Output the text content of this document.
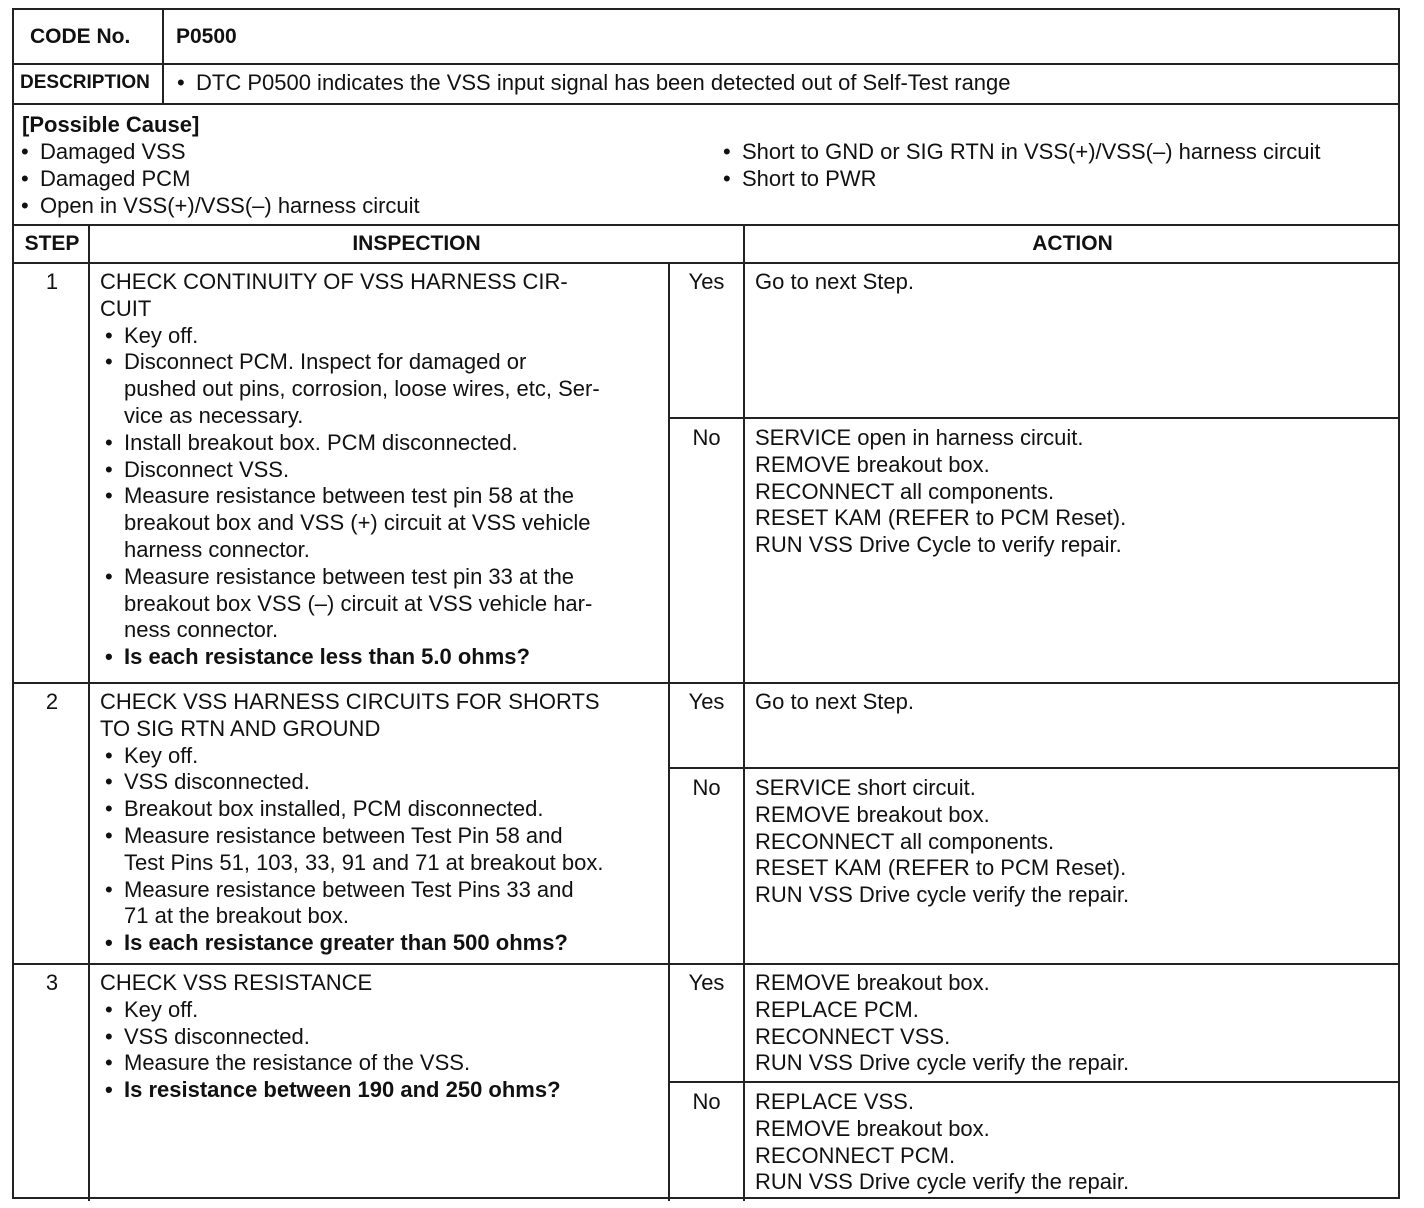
CODE No. P0500
DESCRIPTION
•	DTC P0500 indicates the VSS input signal has been detected out of Self-Test range
[Possible Cause]
• Damaged VSS
• Damaged PCM
• Open in VSS(+)/VSS(–) harness circuit
• Short to GND or SIG RTN in VSS(+)/VSS(–) harness circuit
• Short to PWR
STEP	INSPECTION	ACTION
1	CHECK CONTINUITY OF VSS HARNESS CIR-
CUIT
• Key off.
• Disconnect PCM. Inspect for damaged or
pushed out pins, corrosion, loose wires, etc, Ser-
vice as necessary.
• Install breakout box. PCM disconnected.
• Disconnect VSS.
• Measure resistance between test pin 58 at the
breakout box and VSS (+) circuit at VSS vehicle
harness connector.
• Measure resistance between test pin 33 at the
breakout box VSS (–) circuit at VSS vehicle har-
ness connector.
• Is each resistance less than 5.0 ohms?
Yes
No
Go to next Step.
SERVICE open in harness circuit.
REMOVE breakout box.
RECONNECT all components.
RESET KAM (REFER to PCM Reset).
RUN VSS Drive Cycle to verify repair.
2	CHECK VSS HARNESS CIRCUITS FOR SHORTS
TO SIG RTN AND GROUND
• Key off.
• VSS disconnected.
• Breakout box installed, PCM disconnected.
• Measure resistance between Test Pin 58 and
Test Pins 51, 103, 33, 91 and 71 at breakout box.
• Measure resistance between Test Pins 33 and
71 at the breakout box.
• Is each resistance greater than 500 ohms?
Yes
No
Go to next Step.
SERVICE short circuit.
REMOVE breakout box.
RECONNECT all components.
RESET KAM (REFER to PCM Reset).
RUN VSS Drive cycle verify the repair.
3	CHECK VSS RESISTANCE
• Key off.
• VSS disconnected.
• Measure the resistance of the VSS.
• Is resistance between 190 and 250 ohms?
Yes
No
REMOVE breakout box.
REPLACE PCM.
RECONNECT VSS.
RUN VSS Drive cycle verify the repair.
REPLACE VSS.
REMOVE breakout box.
RECONNECT PCM.
RUN VSS Drive cycle verify the repair.
